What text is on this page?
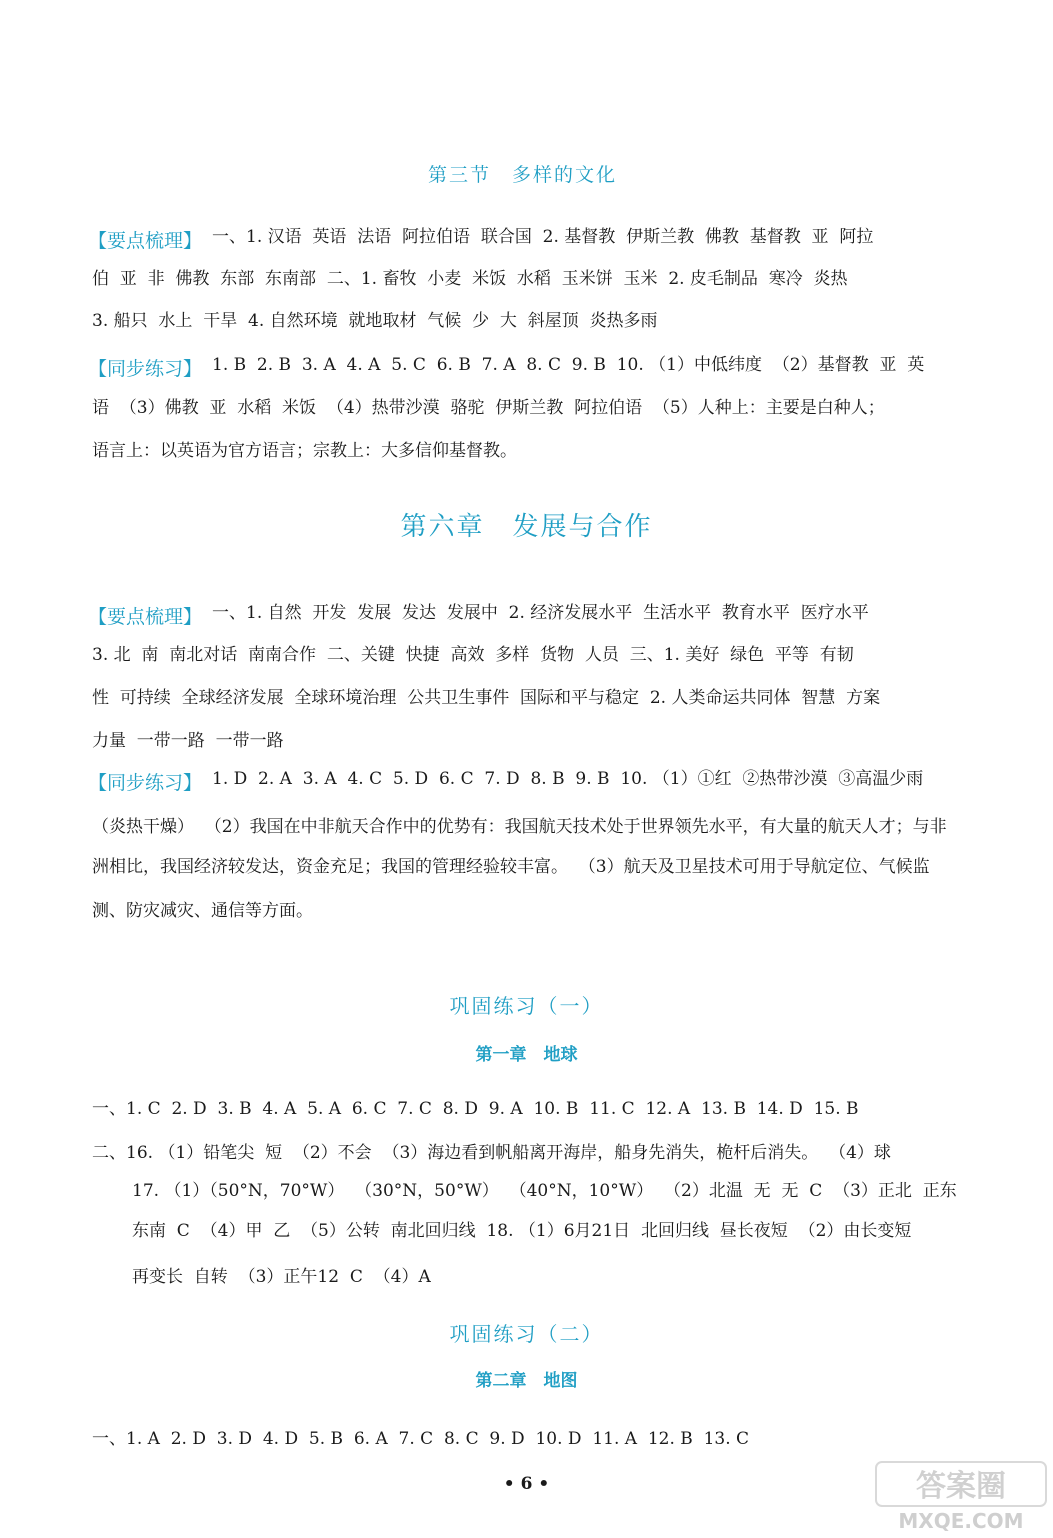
第三节　多样的文化
【要点梳理】 一、1. 汉语  英语  法语  阿拉伯语  联合国  2. 基督教  伊斯兰教  佛教  基督教  亚  阿拉
伯  亚  非  佛教  东部  东南部  二、1. 畜牧  小麦  米饭  水稻  玉米饼  玉米  2. 皮毛制品  寒冷  炎热
3. 船只  水上  干旱  4. 自然环境  就地取材  气候  少  大  斜屋顶  炎热多雨
【同步练习】 1. B  2. B  3. A  4. A  5. C  6. B  7. A  8. C  9. B  10. （1）中低纬度  （2）基督教  亚  英
语  （3）佛教  亚  水稻  米饭  （4）热带沙漠  骆驼  伊斯兰教  阿拉伯语  （5）人种上：主要是白种人；
语言上：以英语为官方语言；宗教上：大多信仰基督教。
第六章　发展与合作
【要点梳理】 一、1. 自然  开发  发展  发达  发展中  2. 经济发展水平  生活水平  教育水平  医疗水平
3. 北  南  南北对话  南南合作  二、关键  快捷  高效  多样  货物  人员  三、1. 美好  绿色  平等  有韧
性  可持续  全球经济发展  全球环境治理  公共卫生事件  国际和平与稳定  2. 人类命运共同体  智慧  方案
力量  一带一路  一带一路
【同步练习】 1. D  2. A  3. A  4. C  5. D  6. C  7. D  8. B  9. B  10. （1）①红  ②热带沙漠  ③高温少雨
（炎热干燥）  （2）我国在中非航天合作中的优势有：我国航天技术处于世界领先水平，有大量的航天人才；与非
洲相比，我国经济较发达，资金充足；我国的管理经验较丰富。  （3）航天及卫星技术可用于导航定位、气候监
测、防灾减灾、通信等方面。
巩固练习（一）
第一章　地球
一、1. C  2. D  3. B  4. A  5. A  6. C  7. C  8. D  9. A  10. B  11. C  12. A  13. B  14. D  15. B
二、16. （1）铅笔尖  短  （2）不会  （3）海边看到帆船离开海岸，船身先消失，桅杆后消失。  （4）球
17. （1）（50°N，70°W）  （30°N，50°W）  （40°N，10°W）  （2）北温  无  无  C  （3）正北  正东
东南  C  （4）甲  乙  （5）公转  南北回归线  18. （1）6月21日  北回归线  昼长夜短  （2）由长变短
再变长  自转  （3）正午12  C  （4）A
巩固练习（二）
第二章　地图
一、1. A  2. D  3. D  4. D  5. B  6. A  7. C  8. C  9. D  10. D  11. A  12. B  13. C
• 6 •	答案圈
MXQE.COM
